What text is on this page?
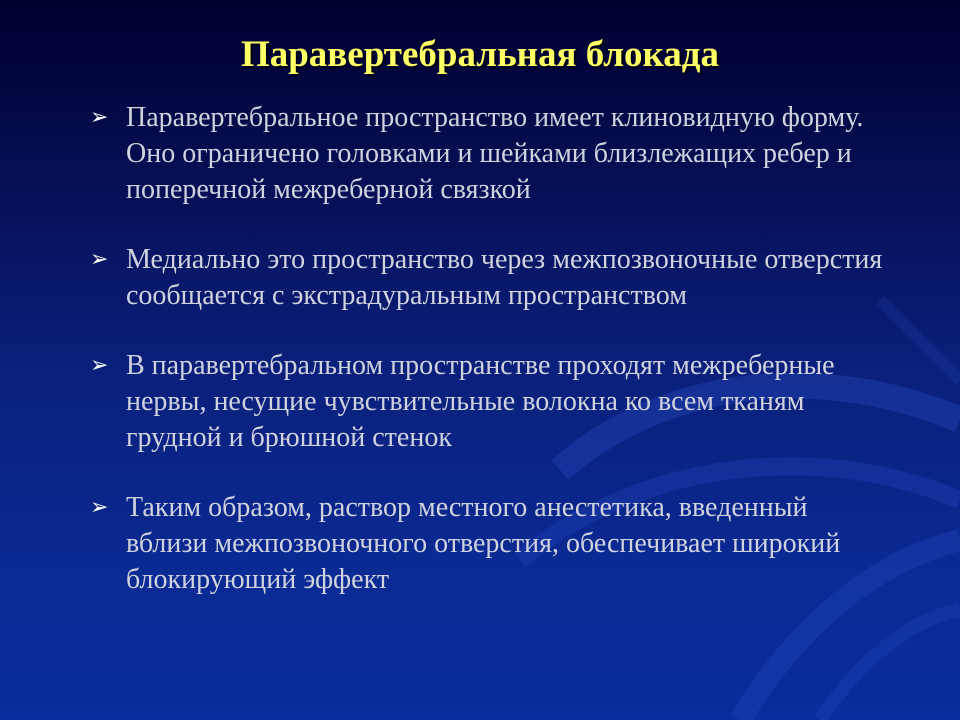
Паравертебральная блокада
➢ Паравертебральное пространство имеет клиновидную форму. Оно ограничено головками и шейками близлежащих ребер и поперечной межреберной связкой
➢ Медиально это пространство через межпозвоночные отверстия сообщается с экстрадуральным пространством
➢ В паравертебральном пространстве проходят межреберные нервы, несущие чувствительные волокна ко всем тканям грудной и брюшной стенок
➢ Таким образом, раствор местного анестетика, введенный вблизи межпозвоночного отверстия, обеспечивает широкий блокирующий эффект
